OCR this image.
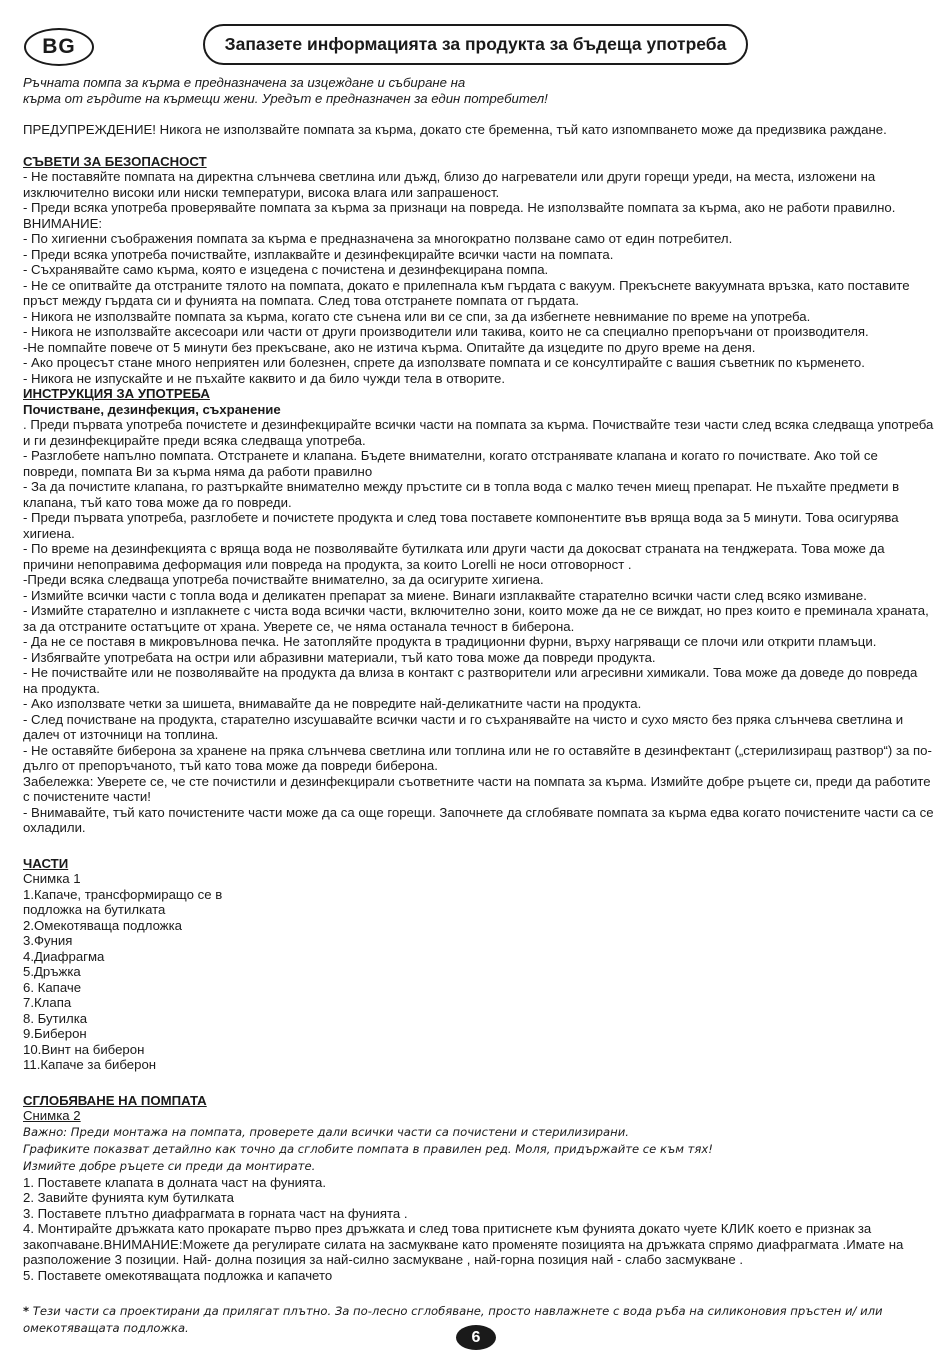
BG	Запазете информацията за продукта за бъдеща употреба

Ръчната помпа за кърма е предназначена за изцеждане и събиране на

кърма от гърдите на кърмещи жени. Уредът е предназначен за един потребител!

ПРЕДУПРЕЖДЕНИЕ! Никога не използвайте помпата за кърма, докато сте бременна, тъй като изпомпването може да предизвика раждане.

СЪВЕТИ ЗА БЕЗОПАСНОСТ

- Не поставяйте помпата на директна слънчева светлина или дъжд, близо до нагреватели или други горещи уреди, на места, изложени на изключително високи или ниски температури, висока влага или запрашеност.

- Преди всяка употреба проверявайте помпата за кърма за признаци на повреда. Не използвайте помпата за кърма, ако не работи правилно.

ВНИМАНИЕ:

- По хигиенни съображения помпата за кърма е предназначена за многократно ползване само от един потребител.

- Преди всяка употреба почиствайте, изплаквайте и дезинфекцирайте всички части на помпата.

- Съхранявайте само кърма, която е изцедена с почистена и дезинфекцирана помпа.

- Не се опитвайте да отстраните тялото на помпата, докато е прилепнала към гърдата с вакуум. Прекъснете вакуумната връзка, като поставите пръст между гърдата си и фунията на помпата. След това отстранете помпата от гърдата.

- Никога не използвайте помпата за кърма, когато сте сънена или ви се спи, за да избегнете невнимание по време на употреба.

- Никога не използвайте аксесоари или части от други производители или такива, които не са специално препоръчани от производителя.

-Не помпайте повече от 5 минути без прекъсване, ако не изтича кърма. Опитайте да изцедите по друго време на деня.

- Ако процесът стане много неприятен или болезнен, спрете да използвате помпата и се консултирайте с вашия съветник по кърменето.

- Никога не изпускайте и не пъхайте каквито и да било чужди тела в отворите.

ИНСТРУКЦИЯ ЗА УПОТРЕБА

Почистване, дезинфекция, съхранение

. Преди първата употреба почистете и дезинфекцирайте всички части на помпата за кърма. Почиствайте тези части след всяка следваща употреба и ги дезинфекцирайте преди всяка следваща употреба.

- Разглобете напълно помпата. Отстранете и клапана. Бъдете внимателни, когато отстранявате клапана и когато го почиствате. Ако той се повреди, помпата Ви за кърма няма да работи правилно

- За да почистите клапана, го разтъркайте внимателно между пръстите си в топла вода с малко течен миещ препарат. Не пъхайте предмети в клапана, тъй като това може да го повреди.

- Преди първата употреба, разглобете и почистете продукта и след това поставете компонентите във вряща вода за 5 минути. Това осигурява хигиена.

- По време на дезинфекцията с вряща вода не позволявайте бутилката или други части да докосват страната на тенджерата. Това може да причини непоправима деформация или повреда на продукта, за които Lorelli не носи отговорност .

-Преди всяка следваща употреба почиствайте внимателно, за да осигурите хигиена.

- Измийте всички части с топла вода и деликатен препарат за миене. Винаги изплаквайте старателно всички части след всяко измиване.

- Измийте старателно и изплакнете с чиста вода всички части, включително зони, които може да не се виждат, но през които е преминала храната, за да отстраните остатъците от храна. Уверете се, че няма останала течност в биберона.

- Да не се поставя в микровълнова печка. Не затопляйте продукта в традиционни фурни, върху нагряващи се плочи или открити пламъци.

- Избягвайте употребата на остри или абразивни материали, тъй като това може да повреди продукта.

- Не почиствайте или не позволявайте на продукта да влиза в контакт с разтворители или агресивни химикали. Това може да доведе до повреда на продукта.

- Ако използвате четки за шишета, внимавайте да не повредите най-деликатните части на продукта.

- След почистване на продукта, старателно изсушавайте всички части и го съхранявайте на чисто и сухо място без пряка слънчева светлина и далеч от източници на топлина.

- Не оставяйте биберона за хранене на пряка слънчева светлина или топлина или не го оставяйте в дезинфектант („стерилизиращ разтвор“) за по-дълго от препоръчаното, тъй като това може да повреди биберона.

Забележка: Уверете се, че сте почистили и дезинфекцирали съответните части на помпата за кърма. Измийте добре ръцете си, преди да работите с почистените части!

- Внимавайте, тъй като почистените части може да са още горещи. Започнете да сглобявате помпата за кърма едва когато почистените части са се охладили.

ЧАСТИ

Снимка 1

1.Капаче, трансформиращо се в подложка на бутилката

2.Омекотяваща подложка

3.Фуния

4.Диафрагма

5.Дръжка

6. Капаче

7.Клапа

8. Бутилка

9.Биберон

10.Винт на биберон

11.Капаче за биберон

СГЛОБЯВАНЕ НА ПОМПАТА

Снимка 2

Важно: Преди монтажа на помпата, проверете дали всички части са почистени и стерилизирани.

Графиките показват детайлно как точно да сглобите помпата в правилен ред. Моля, придържайте се към тях!

Измийте добре ръцете си преди да монтирате.

1. Поставете клапата в долната част на фунията.

2. Завийте фунията кум бутилката

3. Поставете плътно диафрагмата в горната част на фунията .

4. Монтирайте дръжката като прокарате първо през дръжката и след това притиснете към фунията докато чуете КЛИК което е признак за закопчаване.ВНИМАНИЕ:Можете да регулирате силата на засмукване като променяте позицията на дръжката спрямо диафрагмата .Имате на разположение 3 позиции. Най- долна позиция за най-силно засмукване , най-горна позиция най - слабо засмукване .

5. Поставете омекотяващата подложка и капачето

* Тези части са проектирани да прилягат плътно. За по-лесно сглобяване, просто навлажнете с вода ръба на силиконовия пръстен и/ или омекотяващата подложка.

6
